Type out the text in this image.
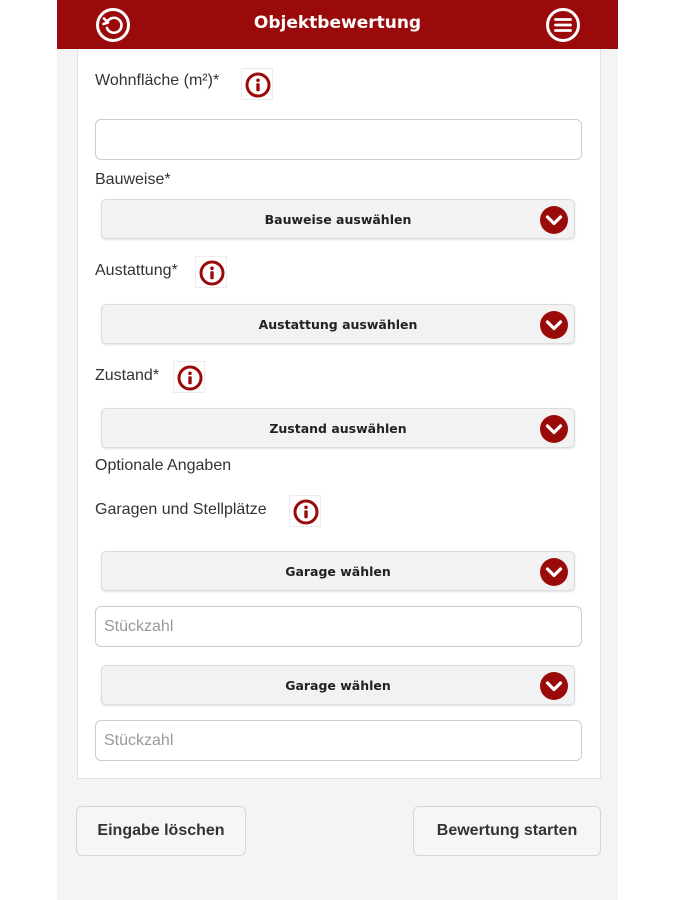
Objektbewertung
Wohnfläche (m²)*
Bauweise*
Bauweise auswählen
Austattung*
Austattung auswählen
Zustand*
Zustand auswählen
Optionale Angaben
Garagen und Stellplätze
Garage wählen
Stückzahl
Garage wählen
Stückzahl
Eingabe löschen	Bewertung starten
